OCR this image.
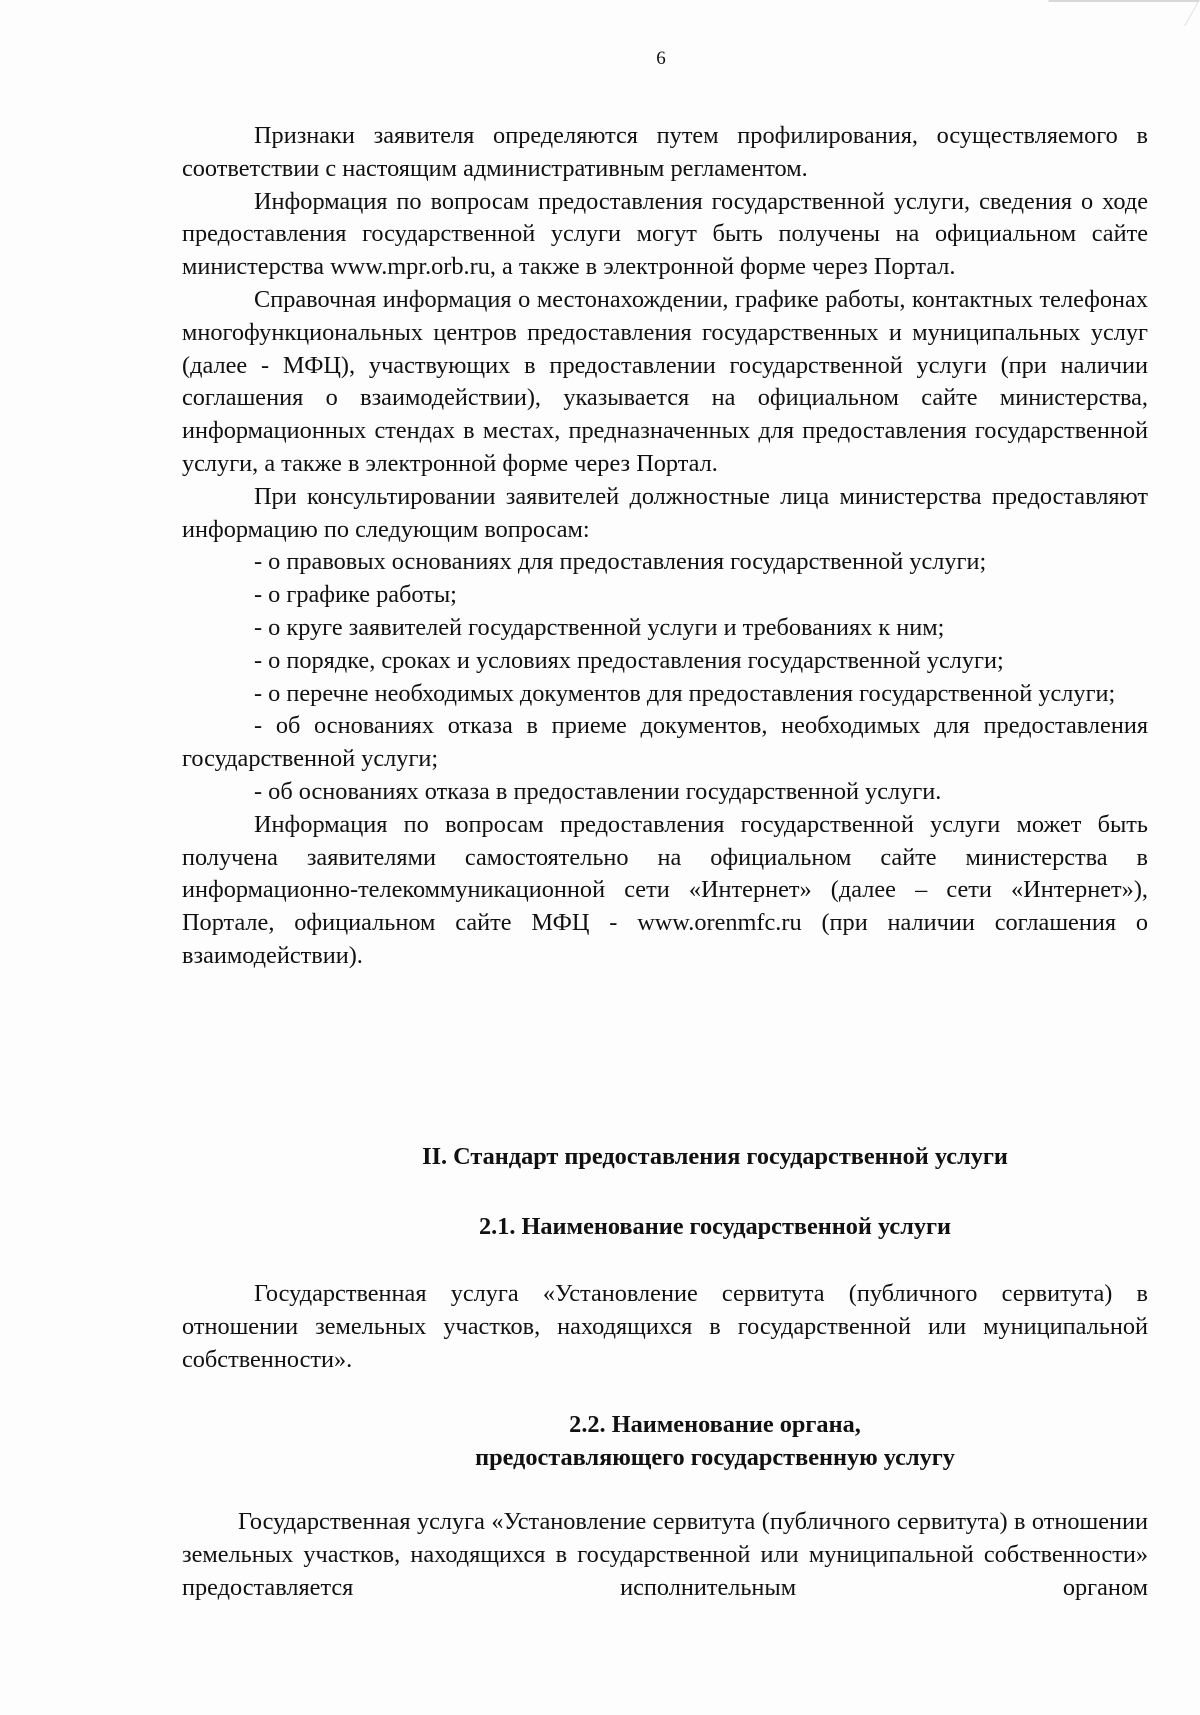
6

Признаки заявителя определяются путем профилирования, осуществляемого в соответствии с настоящим административным регламентом.

Информация по вопросам предоставления государственной услуги, сведения о ходе предоставления государственной услуги могут быть получены на официальном сайте министерства www.mpr.orb.ru, а также в электронной форме через Портал.

Справочная информация о местонахождении, графике работы, контактных телефонах многофункциональных центров предоставления государственных и муниципальных услуг (далее - МФЦ), участвующих в предоставлении государственной услуги (при наличии соглашения о взаимодействии), указывается на официальном сайте министерства, информационных стендах в местах, предназначенных для предоставления государственной услуги, а также в электронной форме через Портал.

При консультировании заявителей должностные лица министерства предоставляют информацию по следующим вопросам:

- о правовых основаниях для предоставления государственной услуги;

- о графике работы;

- о круге заявителей государственной услуги и требованиях к ним;

- о порядке, сроках и условиях предоставления государственной услуги;

- о перечне необходимых документов для предоставления государственной услуги;

- об основаниях отказа в приеме документов, необходимых для предоставления государственной услуги;

- об основаниях отказа в предоставлении государственной услуги.

Информация по вопросам предоставления государственной услуги может быть получена заявителями самостоятельно на официальном сайте министерства в информационно-телекоммуникационной сети «Интернет» (далее – сети «Интернет»), Портале, официальном сайте МФЦ - www.orenmfc.ru (при наличии соглашения о взаимодействии).

II. Стандарт предоставления государственной услуги
2.1. Наименование государственной услуги

Государственная услуга «Установление сервитута (публичного сервитута) в отношении земельных участков, находящихся в государственной или муниципальной собственности».

2.2. Наименование органа,
предоставляющего государственную услугу

Государственная услуга «Установление сервитута (публичного сервитута) в отношении земельных участков, находящихся в государственной или муниципальной собственности» предоставляется исполнительным органом
